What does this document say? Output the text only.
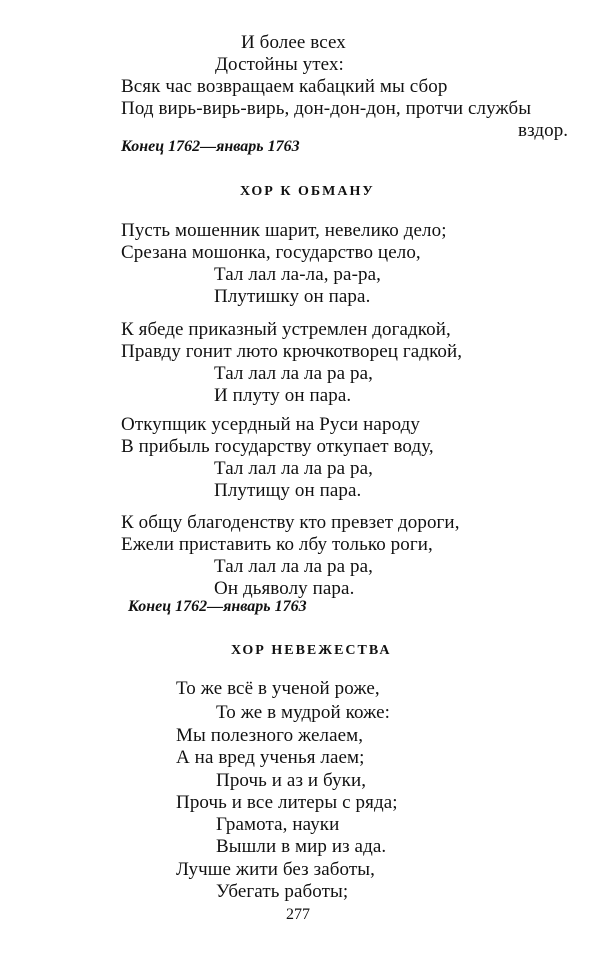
И более всех
Достойны утех:
Всяк час возвращаем кабацкий мы сбор
Под вирь-вирь-вирь, дон-дон-дон, протчи службы
вздор.
Конец 1762—январь 1763
ХОР К ОБМАНУ
Пусть мошенник шарит, невелико дело;
Срезана мошонка, государство цело,
Тал лал ла-ла, ра-ра,
Плутишку он пара.
К ябеде приказный устремлен догадкой,
Правду гонит люто крючкотворец гадкой,
Тал лал ла ла ра ра,
И плуту он пара.
Откупщик усердный на Руси народу
В прибыль государству откупает воду,
Тал лал ла ла ра ра,
Плутищу он пара.
К общу благоденству кто превзет дороги,
Ежели приставить ко лбу только роги,
Тал лал ла ла ра ра,
Он дьяволу пара.
Конец 1762—январь 1763
ХОР НЕВЕЖЕСТВА
То же всё в ученой роже,
То же в мудрой коже:
Мы полезного желаем,
А на вред ученья лаем;
Прочь и аз и буки,
Прочь и все литеры с ряда;
Грамота, науки
Вышли в мир из ада.
Лучше жити без заботы,
Убегать работы;
277
